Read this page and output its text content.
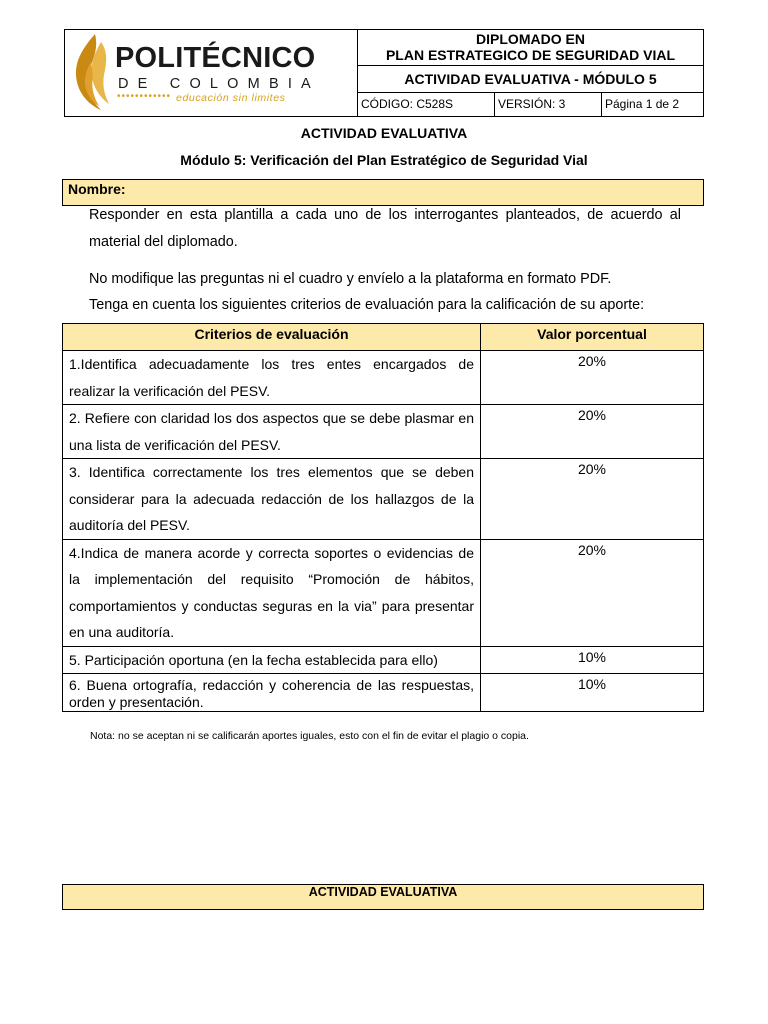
POLITÉCNICO
DE COLOMBIA
•••••••••••• educación sin limites
DIPLOMADO EN
PLAN ESTRATEGICO DE SEGURIDAD VIAL
ACTIVIDAD EVALUATIVA - MÓDULO 5
CÓDIGO: C528S	VERSIÓN: 3	Página 1 de 2
ACTIVIDAD EVALUATIVA
Módulo 5: Verificación del Plan Estratégico de Seguridad Vial
Nombre:
Responder en esta plantilla a cada uno de los interrogantes planteados, de acuerdo al material del diplomado.
No modifique las preguntas ni el cuadro y envíelo a la plataforma en formato PDF.
Tenga en cuenta los siguientes criterios de evaluación para la calificación de su aporte:
Criterios de evaluación	Valor porcentual
1.Identifica adecuadamente los tres entes encargados de realizar la verificación del PESV.	20%
2. Refiere con claridad los dos aspectos que se debe plasmar en una lista de verificación del PESV.	20%
3. Identifica correctamente los tres elementos que se deben considerar para la adecuada redacción de los hallazgos de la auditoría del PESV.	20%
4.Indica de manera acorde y correcta soportes o evidencias de la implementación del requisito “Promoción de hábitos, comportamientos y conductas seguras en la via” para presentar en una auditoría.	20%
5. Participación oportuna (en la fecha establecida para ello)	10%
6. Buena ortografía, redacción y coherencia de las respuestas, orden y presentación.	10%
Nota: no se aceptan ni se calificarán aportes iguales, esto con el fin de evitar el plagio o copia.
ACTIVIDAD EVALUATIVA
